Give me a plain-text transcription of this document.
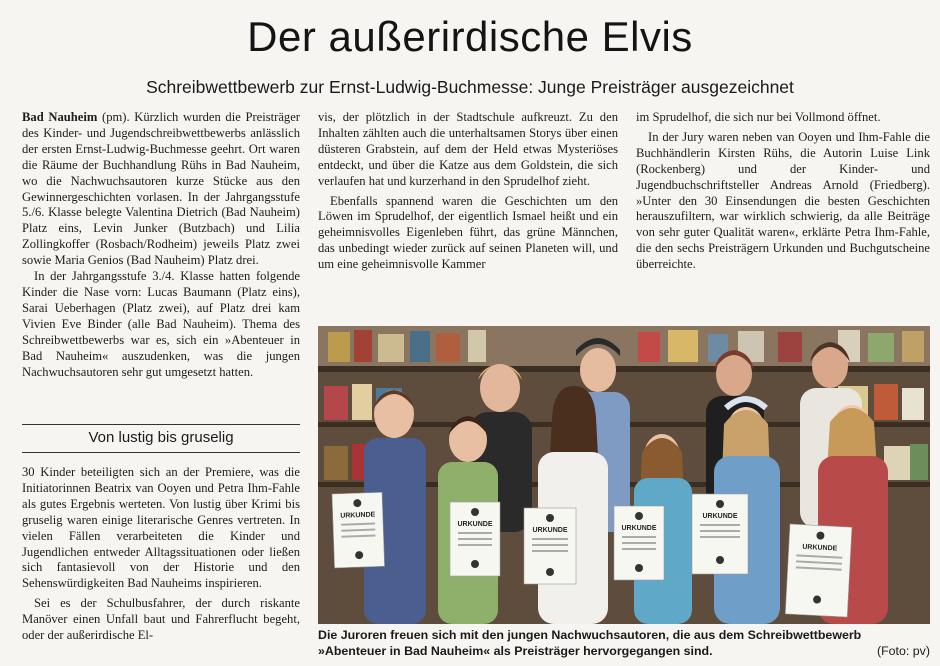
Der außerirdische Elvis
Schreibwettbewerb zur Ernst-Ludwig-Buchmesse: Junge Preisträger ausgezeichnet

Bad Nauheim (pm). Kürzlich wurden die Preisträger des Kinder- und Jugendschreibwettbewerbs anlässlich der ersten Ernst-Ludwig-Buchmesse geehrt. Ort waren die Räume der Buchhandlung Rühs in Bad Nauheim, wo die Nachwuchsautoren kurze Stücke aus den Gewinnergeschichten vorlasen. In der Jahrgangsstufe 5./6. Klasse belegte Valentina Dietrich (Bad Nauheim) Platz eins, Levin Junker (Butzbach) und Lilia Zollingkoffer (Rosbach/Rodheim) jeweils Platz zwei sowie Maria Genios (Bad Nauheim) Platz drei.

In der Jahrgangsstufe 3./4. Klasse hatten folgende Kinder die Nase vorn: Lucas Baumann (Platz eins), Sarai Ueberhagen (Platz zwei), auf Platz drei kam Vivien Eve Binder (alle Bad Nauheim). Thema des Schreibwettbewerbs war es, sich ein »Abenteuer in Bad Nauheim« auszudenken, was die jungen Nachwuchsautoren sehr gut umgesetzt hatten.

Von lustig bis gruselig

30 Kinder beteiligten sich an der Premiere, was die Initiatorinnen Beatrix van Ooyen und Petra Ihm-Fahle als gutes Ergebnis werteten. Von lustig über Krimi bis gruselig waren einige literarische Genres vertreten. In vielen Fällen verarbeiteten die Kinder und Jugendlichen entweder Alltagssituationen oder ließen sich fantasievoll von der Historie und den Sehenswürdigkeiten Bad Nauheims inspirieren.

Sei es der Schulbusfahrer, der durch riskante Manöver einen Unfall baut und Fahrerflucht begeht, oder der außerirdische El-

vis, der plötzlich in der Stadtschule aufkreuzt. Zu den Inhalten zählten auch die unterhaltsamen Storys über einen düsteren Grabstein, auf dem der Held etwas Mysteriöses entdeckt, und über die Katze aus dem Goldstein, die sich verlaufen hat und kurzerhand in den Sprudelhof zieht.

Ebenfalls spannend waren die Geschichten um den Löwen im Sprudelhof, der eigentlich Ismael heißt und ein geheimnisvolles Eigenleben führt, das grüne Männchen, das unbedingt wieder zurück auf seinen Planeten will, und um eine geheimnisvolle Kammer

im Sprudelhof, die sich nur bei Vollmond öffnet.

In der Jury waren neben van Ooyen und Ihm-Fahle die Buchhändlerin Kirsten Rühs, die Autorin Luise Link (Rockenberg) und der Kinder- und Jugendbuchschriftsteller Andreas Arnold (Friedberg). »Unter den 30 Einsendungen die besten Geschichten herauszufiltern, war wirklich schwierig, da alle Beiträge von sehr guter Qualität waren«, erklärte Petra Ihm-Fahle, die den sechs Preisträgern Urkunden und Buchgutscheine überreichte.

URKUNDE
URKUNDE
URKUNDE	URKUNDE
URKUNDE
URKUNDE
Die Juroren freuen sich mit den jungen Nachwuchsautoren, die aus dem Schreibwettbewerb »Abenteuer in Bad Nauheim« als Preisträger hervorgegangen sind.	(Foto: pv)
